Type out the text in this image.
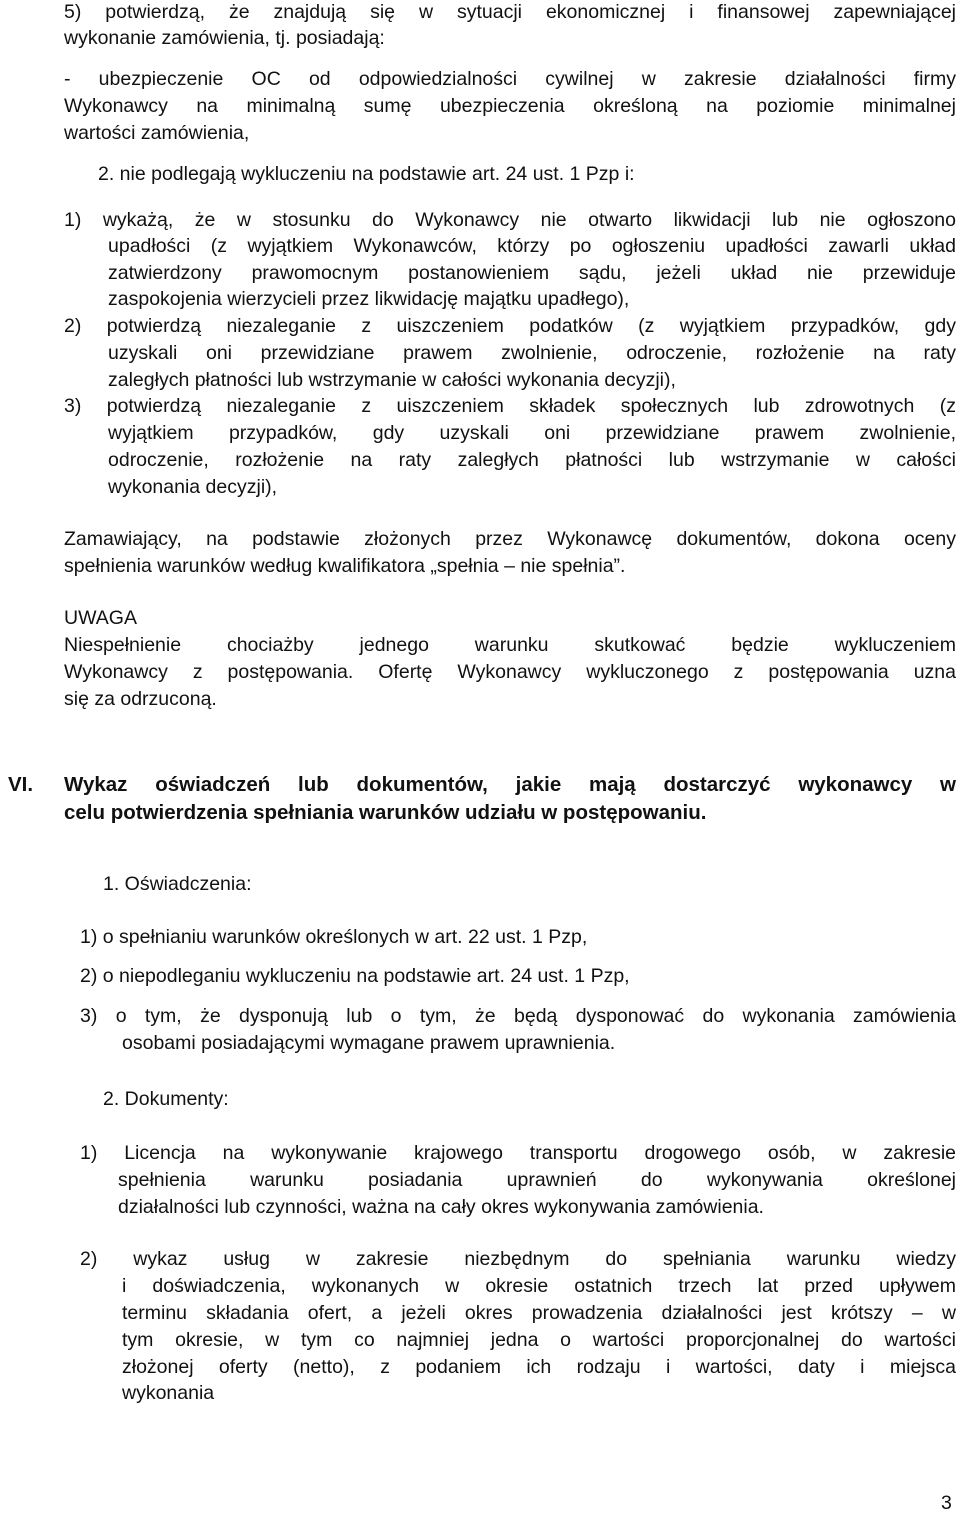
5) potwierdzą, że znajdują się w sytuacji ekonomicznej i finansowej zapewniającej
wykonanie zamówienia, tj. posiadają:
- ubezpieczenie OC od odpowiedzialności cywilnej w zakresie działalności firmy
Wykonawcy na minimalną sumę ubezpieczenia określoną na poziomie minimalnej
wartości zamówienia,
2. nie podlegają wykluczeniu na podstawie art. 24 ust. 1 Pzp i:
1) wykażą, że w stosunku do Wykonawcy nie otwarto likwidacji lub nie ogłoszono
upadłości (z wyjątkiem Wykonawców, którzy po ogłoszeniu upadłości zawarli układ
zatwierdzony prawomocnym postanowieniem sądu, jeżeli układ nie przewiduje
zaspokojenia wierzycieli przez likwidację majątku upadłego),
2) potwierdzą niezaleganie z uiszczeniem podatków (z wyjątkiem przypadków, gdy
uzyskali oni przewidziane prawem zwolnienie, odroczenie, rozłożenie na raty
zaległych płatności lub wstrzymanie w całości wykonania decyzji),
3) potwierdzą niezaleganie z uiszczeniem składek społecznych lub zdrowotnych (z
wyjątkiem przypadków, gdy uzyskali oni przewidziane prawem zwolnienie,
odroczenie, rozłożenie na raty zaległych płatności lub wstrzymanie w całości
wykonania decyzji),
Zamawiający, na podstawie złożonych przez Wykonawcę dokumentów, dokona oceny
spełnienia warunków według kwalifikatora „spełnia – nie spełnia”.
UWAGA
Niespełnienie chociażby jednego warunku skutkować będzie wykluczeniem
Wykonawcy z postępowania. Ofertę Wykonawcy wykluczonego z postępowania uzna
się za odrzuconą.
VI. Wykaz oświadczeń lub dokumentów, jakie mają dostarczyć wykonawcy w
celu potwierdzenia spełniania warunków udziału w postępowaniu.
1. Oświadczenia:
1) o spełnianiu warunków określonych w art. 22 ust. 1 Pzp,
2) o niepodleganiu wykluczeniu na podstawie art. 24 ust. 1 Pzp,
3) o tym, że dysponują lub o tym, że będą dysponować do wykonania zamówienia
osobami posiadającymi wymagane prawem uprawnienia.
2. Dokumenty:
1) Licencja na wykonywanie krajowego transportu drogowego osób, w zakresie
spełnienia warunku posiadania uprawnień do wykonywania określonej
działalności lub czynności, ważna na cały okres wykonywania zamówienia.
2) wykaz usług w zakresie niezbędnym do spełniania warunku wiedzy
i doświadczenia, wykonanych w okresie ostatnich trzech lat przed upływem
terminu składania ofert, a jeżeli okres prowadzenia działalności jest krótszy – w
tym okresie, w tym co najmniej jedna o wartości proporcjonalnej do wartości
złożonej oferty (netto), z podaniem ich rodzaju i wartości, daty i miejsca
wykonania
3
